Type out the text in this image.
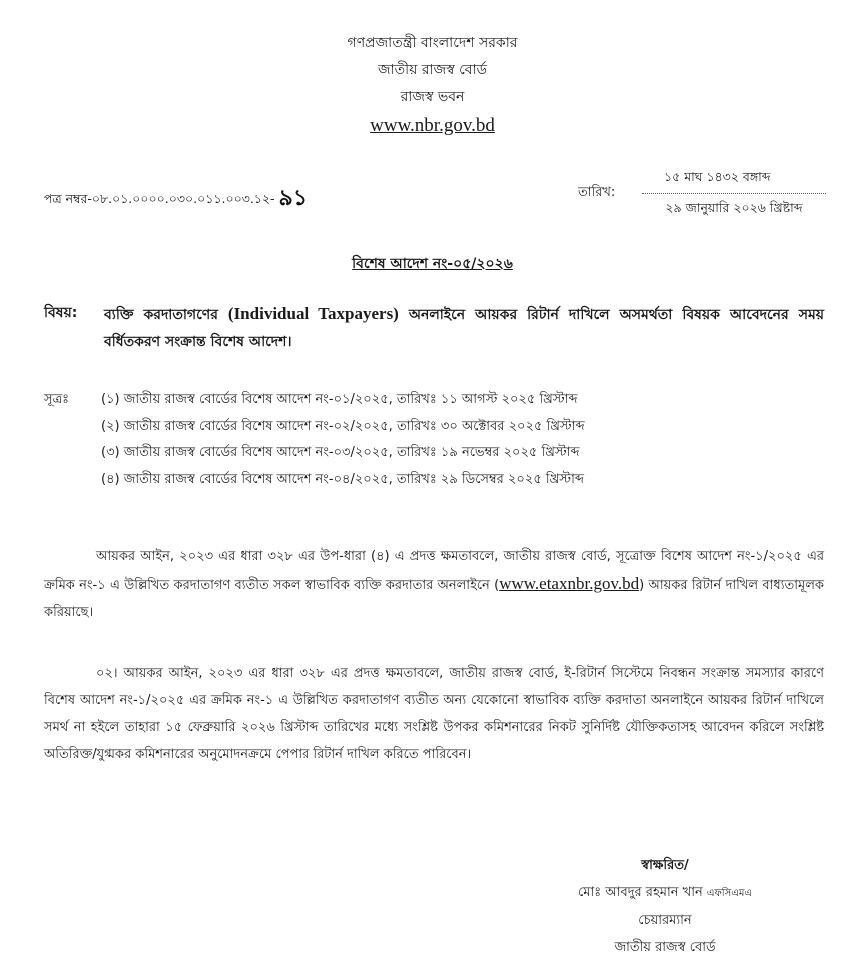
গণপ্রজাতন্ত্রী বাংলাদেশ সরকার
জাতীয় রাজস্ব বোর্ড
রাজস্ব ভবন
www.nbr.gov.bd
পত্র নম্বর-০৮.০১.০০০০.০৩০.০১১.০০৩.১২- ৯১	তারিখ:
১৫ মাঘ ১৪৩২ বঙ্গাব্দ
২৯ জানুয়ারি ২০২৬ খ্রিষ্টাব্দ
বিশেষ আদেশ নং-০৫/২০২৬
বিষয়: ব্যক্তি করদাতাগণের (Individual Taxpayers) অনলাইনে আয়কর রিটার্ন দাখিলে অসমর্থতা বিষয়ক আবেদনের সময় বর্ধিতকরণ সংক্রান্ত বিশেষ আদেশ।
সূত্রঃ (১) জাতীয় রাজস্ব বোর্ডের বিশেষ আদেশ নং-০১/২০২৫, তারিখঃ ১১ আগস্ট ২০২৫ খ্রিস্টাব্দ
(২) জাতীয় রাজস্ব বোর্ডের বিশেষ আদেশ নং-০২/২০২৫, তারিখঃ ৩০ অক্টোবর ২০২৫ খ্রিস্টাব্দ
(৩) জাতীয় রাজস্ব বোর্ডের বিশেষ আদেশ নং-০৩/২০২৫, তারিখঃ ১৯ নভেম্বর ২০২৫ খ্রিস্টাব্দ
(৪) জাতীয় রাজস্ব বোর্ডের বিশেষ আদেশ নং-০৪/২০২৫, তারিখঃ ২৯ ডিসেম্বর ২০২৫ খ্রিস্টাব্দ
আয়কর আইন, ২০২৩ এর ধারা ৩২৮ এর উপ-ধারা (৪) এ প্রদত্ত ক্ষমতাবলে, জাতীয় রাজস্ব বোর্ড, সূত্রোক্ত বিশেষ আদেশ নং-১/২০২৫ এর ক্রমিক নং-১ এ উল্লিখিত করদাতাগণ ব্যতীত সকল স্বাভাবিক ব্যক্তি করদাতার অনলাইনে (www.etaxnbr.gov.bd) আয়কর রিটার্ন দাখিল বাধ্যতামূলক করিয়াছে।
০২। আয়কর আইন, ২০২৩ এর ধারা ৩২৮ এর প্রদত্ত ক্ষমতাবলে, জাতীয় রাজস্ব বোর্ড, ই-রিটার্ন সিস্টেমে নিবন্ধন সংক্রান্ত সমস্যার কারণে বিশেষ আদেশ নং-১/২০২৫ এর ক্রমিক নং-১ এ উল্লিখিত করদাতাগণ ব্যতীত অন্য যেকোনো স্বাভাবিক ব্যক্তি করদাতা অনলাইনে আয়কর রিটার্ন দাখিলে সমর্থ না হইলে তাহারা ১৫ ফেব্রুয়ারি ২০২৬ খ্রিস্টাব্দ তারিখের মধ্যে সংশ্লিষ্ট উপকর কমিশনারের নিকট সুনির্দিষ্ট যৌক্তিকতাসহ আবেদন করিলে সংশ্লিষ্ট অতিরিক্ত/যুগ্মকর কমিশনারের অনুমোদনক্রমে পেপার রিটার্ন দাখিল করিতে পারিবেন।
স্বাক্ষরিত/
মোঃ আবদুর রহমান খান এফসিএমএ
চেয়ারম্যান
জাতীয় রাজস্ব বোর্ড
